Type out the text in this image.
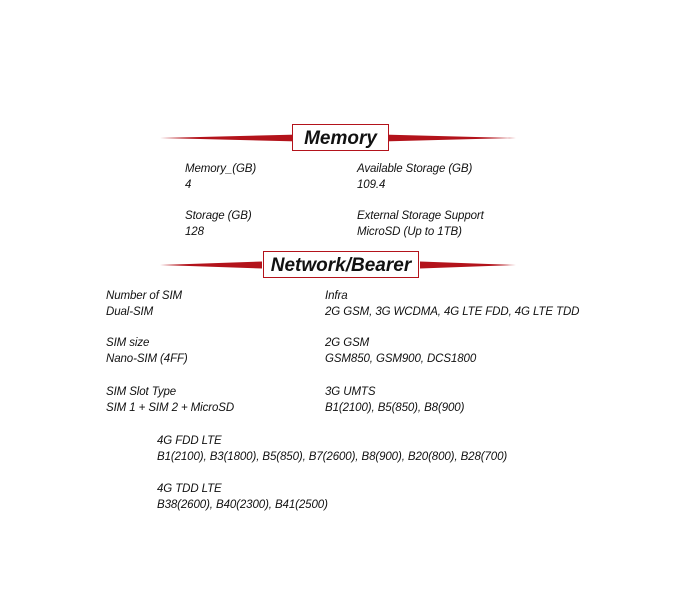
Memory
Memory_(GB)
4
Available Storage (GB)
109.4
Storage (GB)
128
External Storage Support
MicroSD (Up to 1TB)
Network/Bearer
Number of SIM
Dual-SIM
SIM size
Nano-SIM (4FF)
SIM Slot Type
SIM 1 + SIM 2 + MicroSD
Infra
2G GSM, 3G WCDMA, 4G LTE FDD, 4G LTE TDD
2G GSM
GSM850, GSM900, DCS1800
3G UMTS
B1(2100), B5(850), B8(900)
4G FDD LTE
B1(2100), B3(1800), B5(850), B7(2600), B8(900), B20(800), B28(700)
4G TDD LTE
B38(2600), B40(2300), B41(2500)
